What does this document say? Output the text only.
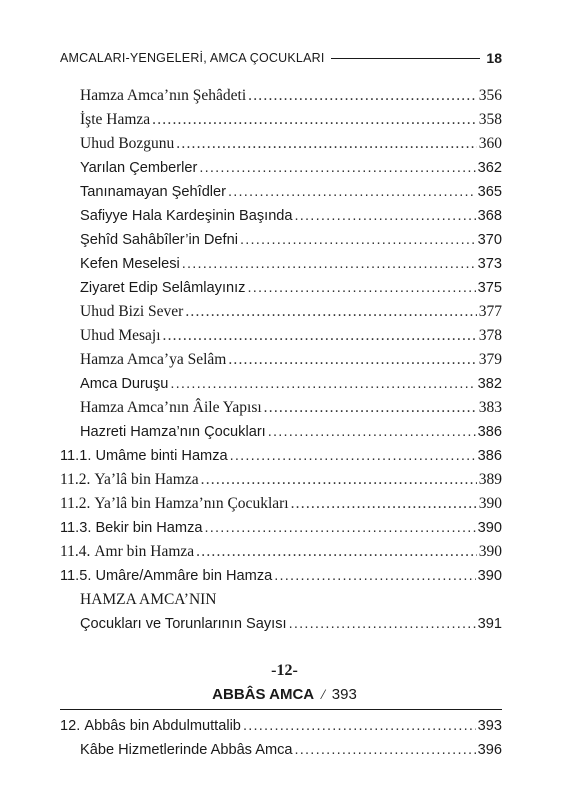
AMCALARI-YENGELERİ, AMCA ÇOCUKLARI	18
Hamza Amca’nın Şehâdeti .....	356
İşte Hamza .....	358
Uhud Bozgunu .....	360
Yarılan Çemberler .....	362
Tanınamayan Şehîdler .....	365
Safiyye Hala Kardeşinin Başında .....	368
Şehîd Sahâbîler’in Defni .....	370
Kefen Meselesi .....	373
Ziyaret Edip Selâmlayınız .....	375
Uhud Bizi Sever .....	377
Uhud Mesajı .....	378
Hamza Amca’ya Selâm .....	379
Amca Duruşu .....	382
Hamza Amca’nın Âile Yapısı .....	383
Hazreti Hamza’nın Çocukları .....	386
11.1. Umâme binti Hamza .....	386
11.2. Ya’lâ bin Hamza .....	389
11.2. Ya’lâ bin Hamza’nın Çocukları .....	390
11.3. Bekir bin Hamza .....	390
11.4. Amr bin Hamza .....	390
11.5. Umâre/Ammâre bin Hamza .....	390
HAMZA AMCA’NIN
Çocukları ve Torunlarının Sayısı .....	391
-12-
ABBÂS AMCA / 393
12. Abbâs bin Abdulmuttalib .....	393
Kâbe Hizmetlerinde Abbâs Amca .....	396
